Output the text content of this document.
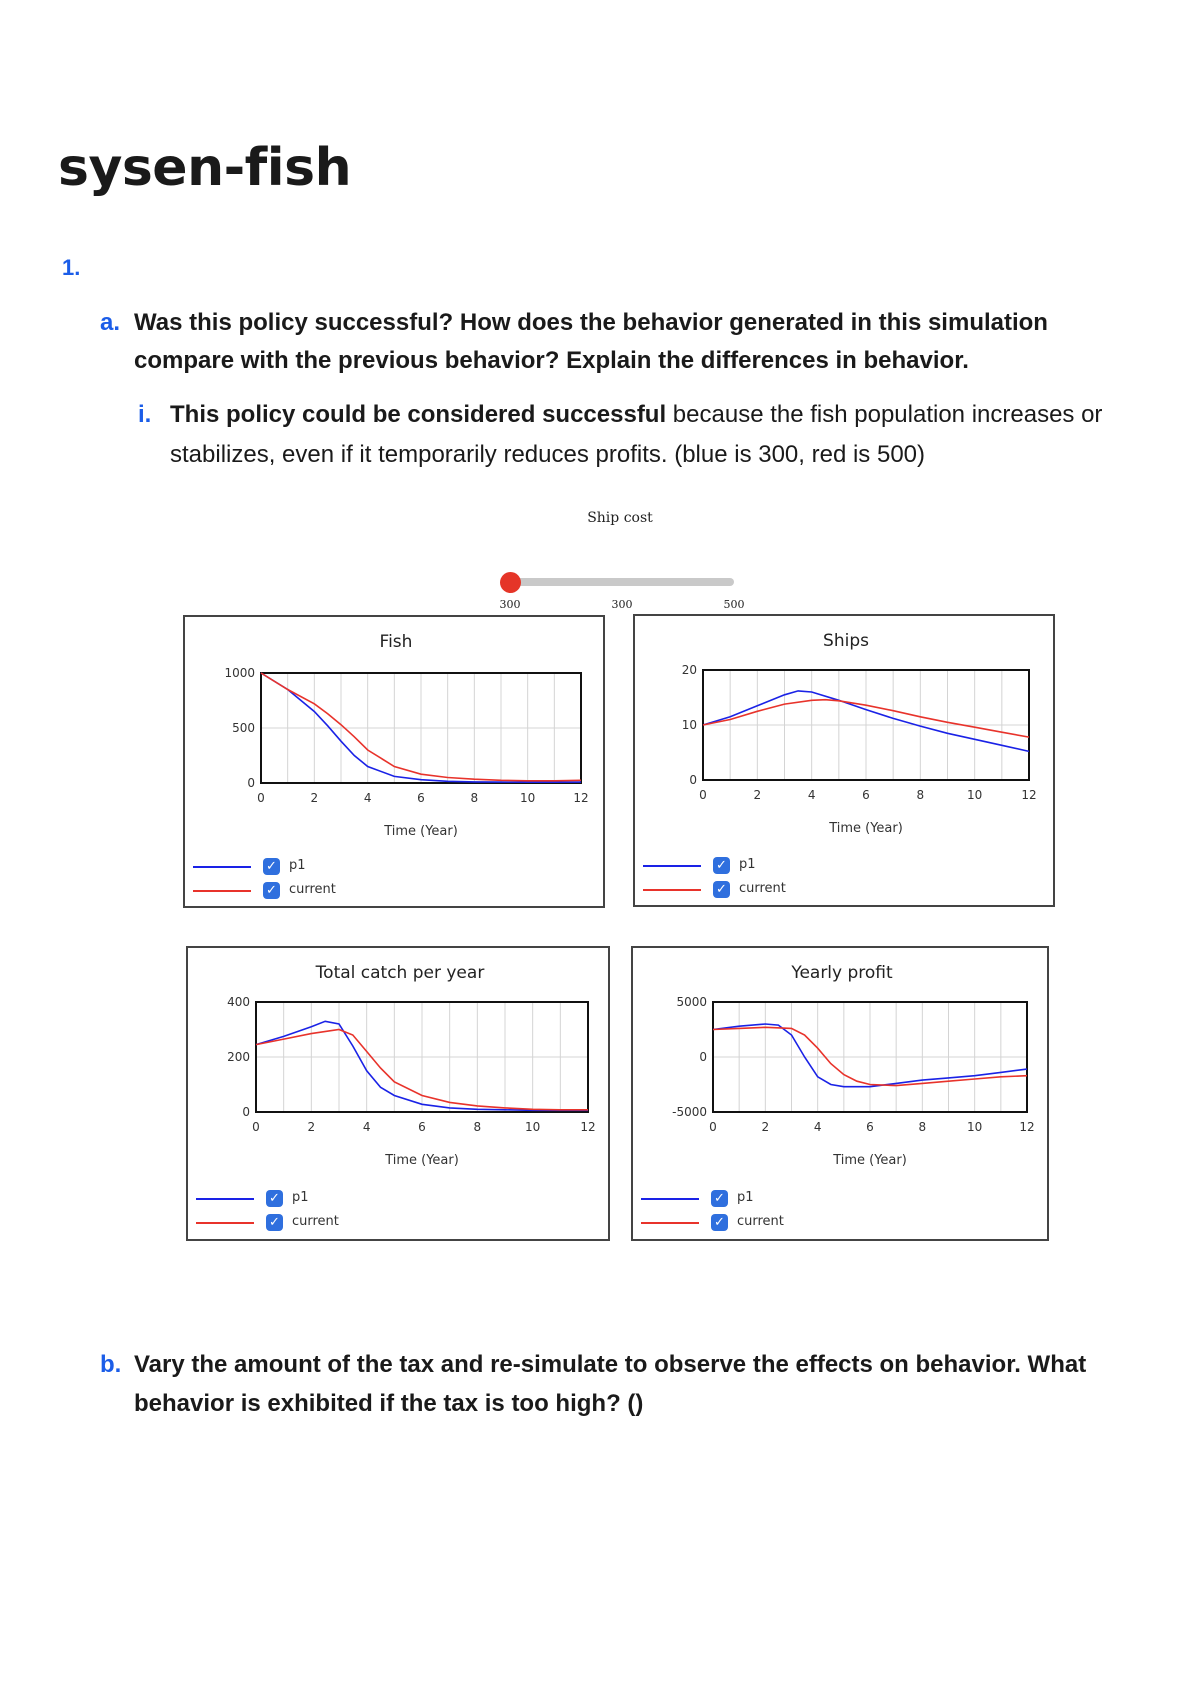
sysen-fish
1.
a. Was this policy successful? How does the behavior generated in this simulation compare with the previous behavior? Explain the differences in behavior.
i. This policy could be considered successful because the fish population increases or stabilizes, even if it temporarily reduces profits. (blue is 300, red is 500)
Ship cost
300	300	500
Fish
0	2	4	6	8	10	12
0
500
1000
Time (Year)
✓ p1
✓ current
Ships
0	2	4	6	8	10	12
0
10
20
Time (Year)
✓ p1
✓ current
Total catch per year
0	2	4	6	8	10	12
0
200
400
Time (Year)
✓ p1
✓ current
Yearly profit
0	2	4	6	8	10	12
-5000
0
5000
Time (Year)
✓ p1
✓ current
b. Vary the amount of the tax and re-simulate to observe the effects on behavior. What behavior is exhibited if the tax is too high? ()
